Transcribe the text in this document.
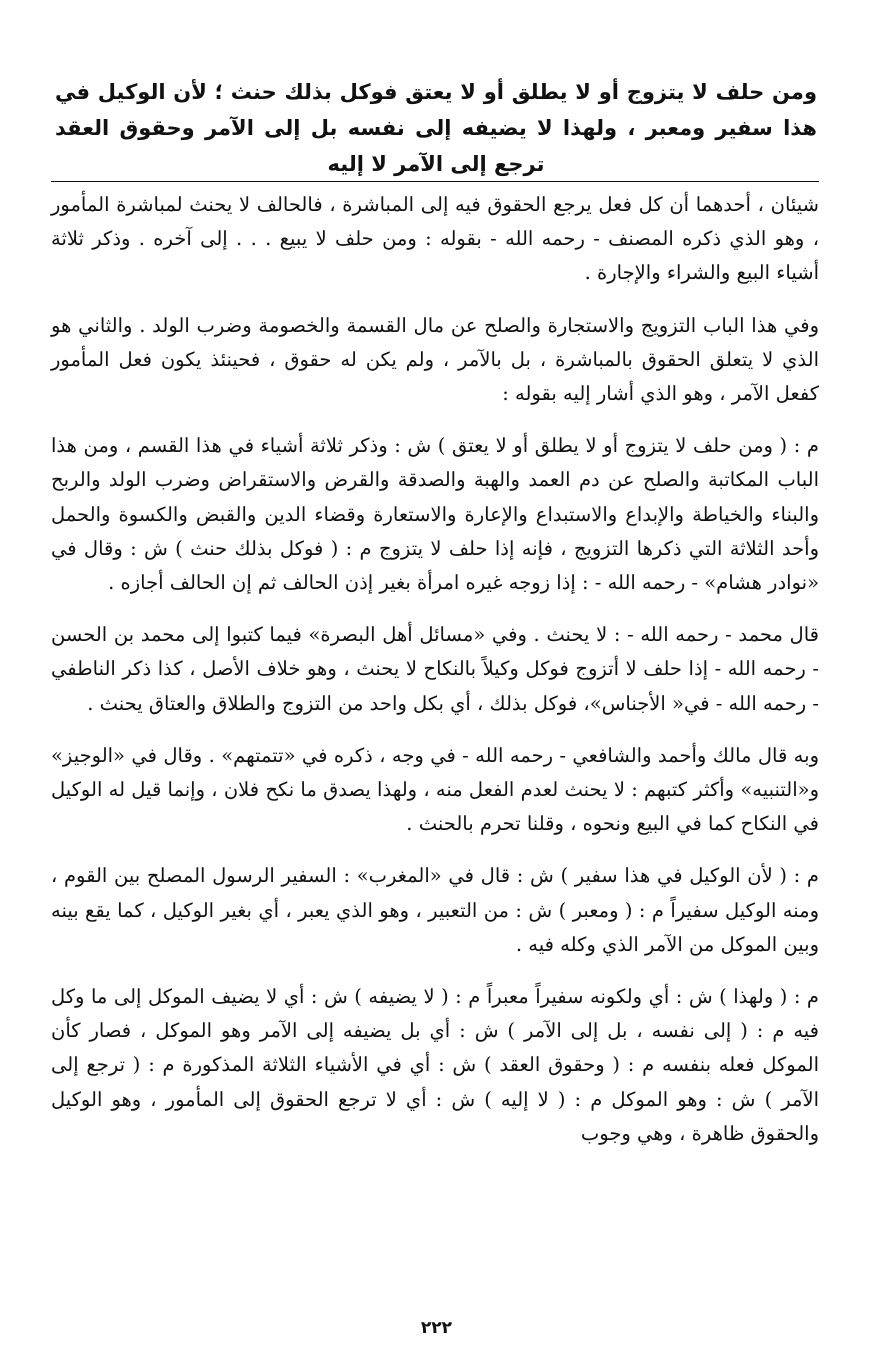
ومن حلف لا يتزوج أو لا يطلق أو لا يعتق فوكل بذلك حنث ؛ لأن الوكيل في هذا سفير ومعبر ، ولهذا لا يضيفه إلى نفسه بل إلى الآمر وحقوق العقد ترجع إلى الآمر لا إليه

شيئان ، أحدهما أن كل فعل يرجع الحقوق فيه إلى المباشرة ، فالحالف لا يحنث لمباشرة المأمور ، وهو الذي ذكره المصنف - رحمه الله - بقوله : ومن حلف لا يبيع . . . إلى آخره . وذكر ثلاثة أشياء البيع والشراء والإجارة .

وفي هذا الباب التزويج والاستجارة والصلح عن مال القسمة والخصومة وضرب الولد . والثاني هو الذي لا يتعلق الحقوق بالمباشرة ، بل بالآمر ، ولم يكن له حقوق ، فحينئذ يكون فعل المأمور كفعل الآمر ، وهو الذي أشار إليه بقوله :

م : ( ومن حلف لا يتزوج أو لا يطلق أو لا يعتق ) ش : وذكر ثلاثة أشياء في هذا القسم ، ومن هذا الباب المكاتبة والصلح عن دم العمد والهبة والصدقة والقرض والاستقراض وضرب الولد والربح والبناء والخياطة والإبداع والاستبداع والإعارة والاستعارة وقضاء الدين والقبض والكسوة والحمل وأحد الثلاثة التي ذكرها التزويج ، فإنه إذا حلف لا يتزوج م : ( فوكل بذلك حنث ) ش : وقال في «نوادر هشام» - رحمه الله - : إذا زوجه غيره امرأة بغير إذن الحالف ثم إن الحالف أجازه .

قال محمد - رحمه الله - : لا يحنث . وفي «مسائل أهل البصرة» فيما كتبوا إلى محمد بن الحسن - رحمه الله - إذا حلف لا أتزوج فوكل وكيلاً بالنكاح لا يحنث ، وهو خلاف الأصل ، كذا ذكر الناطفي - رحمه الله - في« الأجناس»، فوكل بذلك ، أي بكل واحد من التزوج والطلاق والعتاق يحنث .

وبه قال مالك وأحمد والشافعي - رحمه الله - في وجه ، ذكره في «تتمتهم» . وقال في «الوجيز» و«التنبيه» وأكثر كتبهم : لا يحنث لعدم الفعل منه ، ولهذا يصدق ما نكح فلان ، وإنما قيل له الوكيل في النكاح كما في البيع ونحوه ، وقلنا تحرم بالحنث .

م : ( لأن الوكيل في هذا سفير ) ش : قال في «المغرب» : السفير الرسول المصلح بين القوم ، ومنه الوكيل سفيراً م : ( ومعبر ) ش : من التعبير ، وهو الذي يعبر ، أي بغير الوكيل ، كما يقع بينه وبين الموكل من الآمر الذي وكله فيه .

م : ( ولهذا ) ش : أي ولكونه سفيراً معبراً م : ( لا يضيفه ) ش : أي لا يضيف الموكل إلى ما وكل فيه م : ( إلى نفسه ، بل إلى الآمر ) ش : أي بل يضيفه إلى الآمر وهو الموكل ، فصار كأن الموكل فعله بنفسه م : ( وحقوق العقد ) ش : أي في الأشياء الثلاثة المذكورة م : ( ترجع إلى الآمر ) ش : وهو الموكل م : ( لا إليه ) ش : أي لا ترجع الحقوق إلى المأمور ، وهو الوكيل والحقوق ظاهرة ، وهي وجوب

٢٢٢
